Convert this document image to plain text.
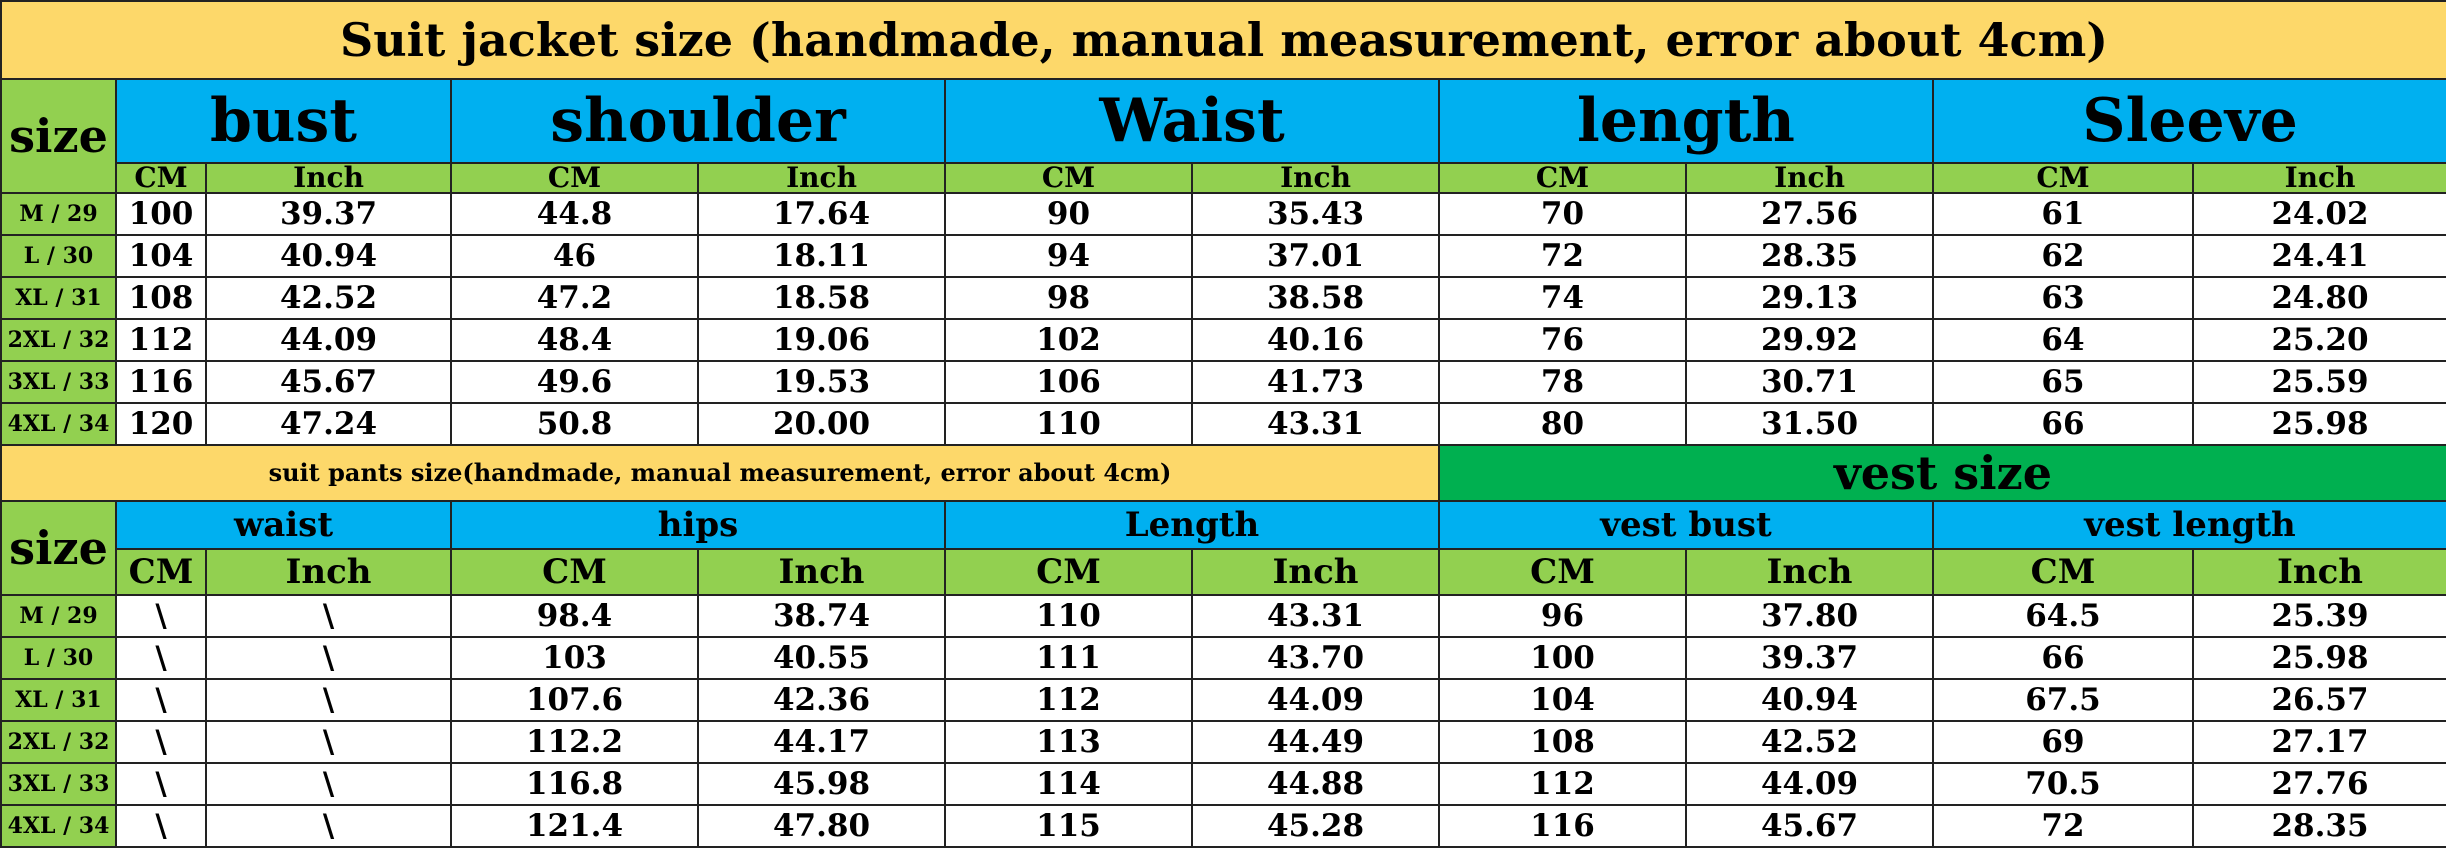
Suit jacket size (handmade, manual measurement, error about 4cm)										
size	bust		shoulder		Waist		length		Sleeve	
	CM	Inch	CM	Inch	CM	Inch	CM	Inch	CM	Inch
M / 29	100	39.37	44.8	17.64	90	35.43	70	27.56	61	24.02
L / 30	104	40.94	46	18.11	94	37.01	72	28.35	62	24.41
XL / 31	108	42.52	47.2	18.58	98	38.58	74	29.13	63	24.80
2XL / 32	112	44.09	48.4	19.06	102	40.16	76	29.92	64	25.20
3XL / 33	116	45.67	49.6	19.53	106	41.73	78	30.71	65	25.59
4XL / 34	120	47.24	50.8	20.00	110	43.31	80	31.50	66	25.98
suit pants size(handmade, manual measurement, error about 4cm)							vest size			
size	waist		hips		Length		vest bust		vest length	
	CM	Inch	CM	Inch	CM	Inch	CM	Inch	CM	Inch
M / 29	\	\	98.4	38.74	110	43.31	96	37.80	64.5	25.39
L / 30	\	\	103	40.55	111	43.70	100	39.37	66	25.98
XL / 31	\	\	107.6	42.36	112	44.09	104	40.94	67.5	26.57
2XL / 32	\	\	112.2	44.17	113	44.49	108	42.52	69	27.17
3XL / 33	\	\	116.8	45.98	114	44.88	112	44.09	70.5	27.76
4XL / 34	\	\	121.4	47.80	115	45.28	116	45.67	72	28.35
